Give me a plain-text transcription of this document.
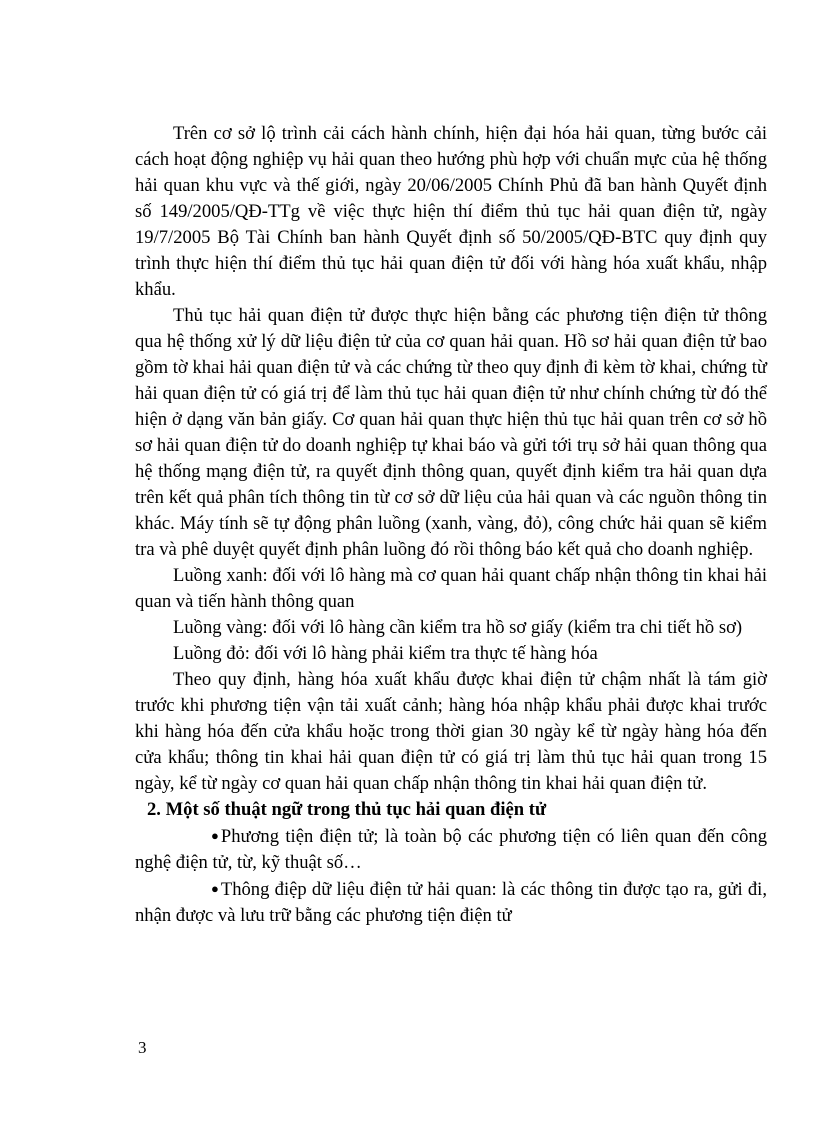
Trên cơ sở lộ trình cải cách hành chính, hiện đại hóa hải quan, từng bước cải cách hoạt động nghiệp vụ hải quan theo hướng phù hợp với chuẩn mực của hệ thống hải quan khu vực và thế giới, ngày 20/06/2005 Chính Phủ đã ban hành Quyết định số 149/2005/QĐ-TTg về việc thực hiện thí điểm thủ tục hải quan điện tử, ngày 19/7/2005 Bộ Tài Chính ban hành Quyết định số 50/2005/QĐ-BTC quy định quy trình thực hiện thí điểm thủ tục hải quan điện tử đối với hàng hóa xuất khẩu, nhập khẩu.

Thủ tục hải quan điện tử được thực hiện bằng các phương tiện điện tử thông qua hệ thống xử lý dữ liệu điện tử của cơ quan hải quan. Hồ sơ hải quan điện tử bao gồm tờ khai hải quan điện tử và các chứng từ theo quy định đi kèm tờ khai, chứng từ hải quan điện tử có giá trị để làm thủ tục hải quan điện tử như chính chứng từ đó thể hiện ở dạng văn bản giấy. Cơ quan hải quan thực hiện thủ tục hải quan trên cơ sở hồ sơ hải quan điện tử do doanh nghiệp tự khai báo và gửi tới trụ sở hải quan thông qua hệ thống mạng điện tử, ra quyết định thông quan, quyết định kiểm tra hải quan dựa trên kết quả phân tích thông tin từ cơ sở dữ liệu của hải quan và các nguồn thông tin khác. Máy tính sẽ tự động phân luồng (xanh, vàng, đỏ), công chức hải quan sẽ kiểm tra và phê duyệt quyết định phân luồng đó rồi thông báo kết quả cho doanh nghiệp.

Luồng xanh: đối với lô hàng mà cơ quan hải quant chấp nhận thông tin khai hải quan và tiến hành thông quan

Luồng vàng: đối với lô hàng cần kiểm tra hồ sơ giấy (kiểm tra chi tiết hồ sơ)

Luồng đỏ: đối với lô hàng phải kiểm tra thực tế hàng hóa

Theo quy định, hàng hóa xuất khẩu được khai điện tử chậm nhất là tám giờ trước khi phương tiện vận tải xuất cảnh; hàng hóa nhập khẩu phải được khai trước khi hàng hóa đến cửa khẩu hoặc trong thời gian 30 ngày kể từ ngày hàng hóa đến cửa khẩu; thông tin khai hải quan điện tử có giá trị làm thủ tục hải quan trong 15 ngày, kể từ ngày cơ quan hải quan chấp nhận thông tin khai hải quan điện tử.

2. Một số thuật ngữ trong thủ tục hải quan điện tử

● Phương tiện điện tử; là toàn bộ các phương tiện có liên quan đến công nghệ điện tử, từ, kỹ thuật số…

● Thông điệp dữ liệu điện tử hải quan: là các thông tin được tạo ra, gửi đi, nhận được và lưu trữ bằng các phương tiện điện tử

3
